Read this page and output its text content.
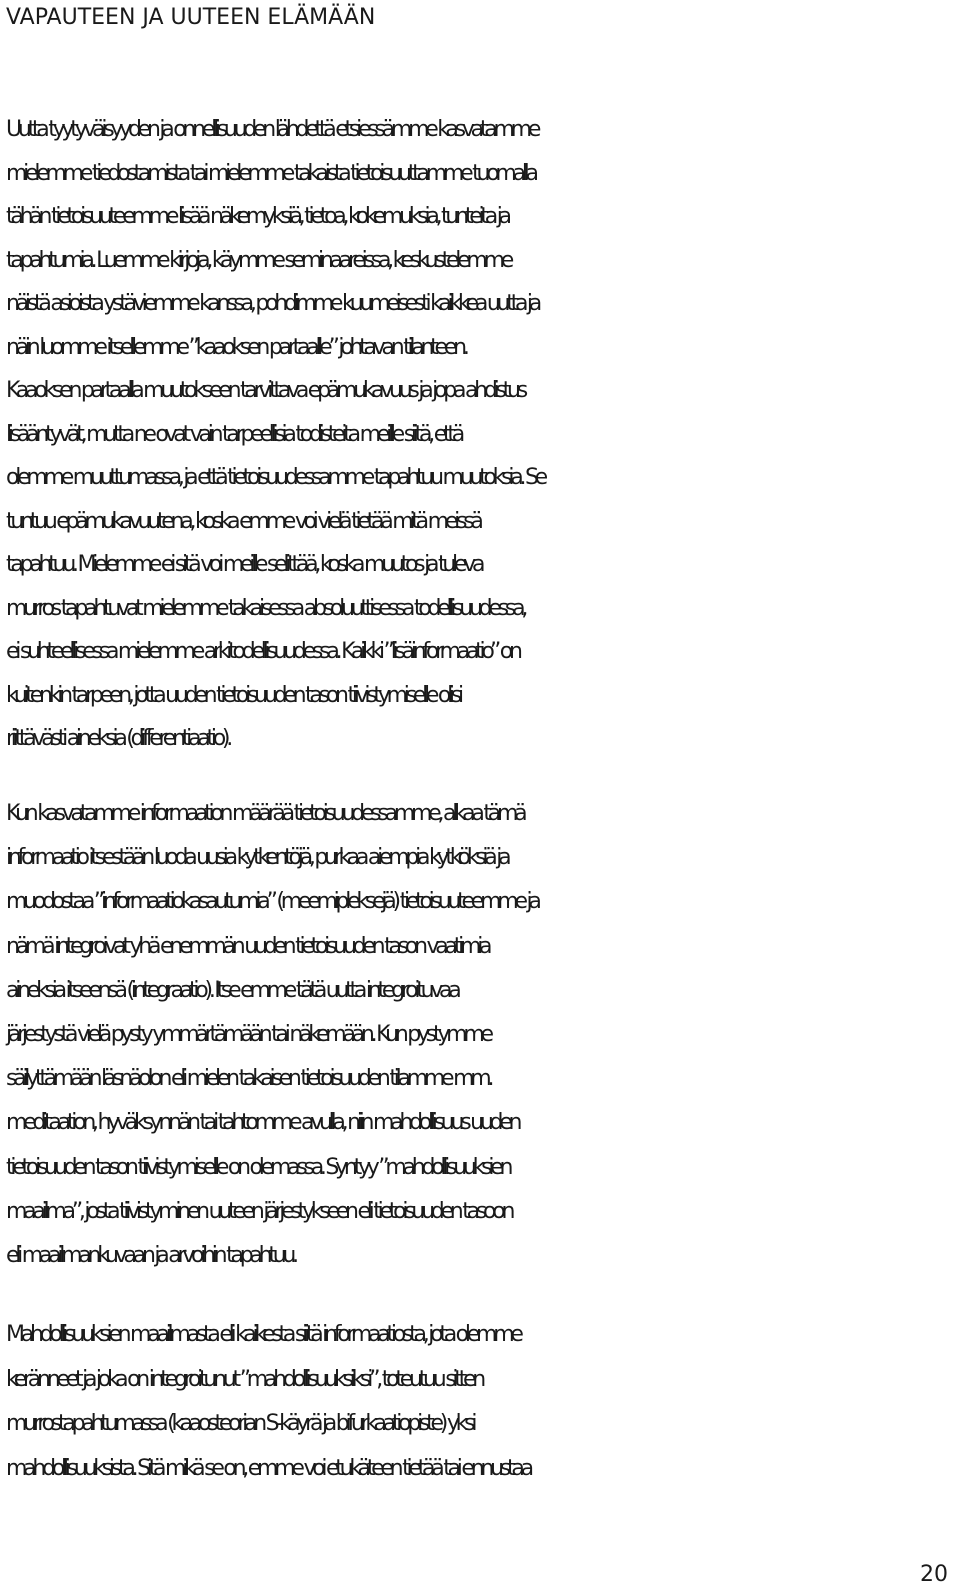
VAPAUTEEN JA UUTEEN ELÄMÄÄN
Uutta tyytyväisyyden ja onnellisuuden lähdettä etsiessämme kasvatamme
mielemme tiedostamista tai mielemme takaista tietoisuuttamme tuomalla
tähän tietoisuuteemme lisää näkemyksiä, tietoa, kokemuksia, tunteita ja
tapahtumia. Luemme kirjoja, käymme seminaareissa, keskustelemme
näistä asioista ystäviemme kanssa, pohdimme kuumeisesti kaikkea uutta ja
näin luomme itsellemme ”kaaoksen partaalle” johtavan tilanteen.
Kaaoksen partaalla muutokseen tarvittava epämukavuus ja jopa ahdistus
lisääntyvät, mutta ne ovat vain tarpeellisia todisteita meille siitä, että
olemme muuttumassa, ja että tietoisuudessamme tapahtuu muutoksia. Se
tuntuu epämukavuutena, koska emme voi vielä tietää mitä meissä
tapahtuu. Mielemme ei sitä voi meille selittää, koska muutos ja tuleva
murros tapahtuvat mielemme takaisessa absoluuttisessa todellisuudessa,
ei suhteellisessa mielemme arkitodellisuudessa. Kaikki ”lisäinformaatio” on
kuitenkin tarpeen, jotta uuden tietoisuuden tason tiivistymiselle olisi
riittävästi aineksia (differentiaatio).
Kun kasvatamme informaation määrää tietoisuudessamme, alkaa tämä
informaatio itsestään luoda uusia kytkentöjä, purkaa aiempia kytköksiä ja
muodostaa ”informaatiokasautumia” (meemipleksejä) tietoisuuteemme ja
nämä integroivat yhä enemmän uuden tietoisuuden tason vaatimia
aineksia itseensä (integraatio). Itse emme tätä uutta integroituvaa
järjestystä vielä pysty ymmärtämään tai näkemään. Kun pystymme
säilyttämään läsnäolon eli mielen takaisen tietoisuuden tilamme mm.
meditaation, hyväksynnän tai tahtomme avulla, niin mahdollisuus uuden
tietoisuuden tason tiivistymiselle on olemassa. Syntyy ”mahdollisuuksien
maailma”, josta tiivistyminen uuteen järjestykseen eli tietoisuuden tasoon
eli maailmankuvaan ja arvoihin tapahtuu.
Mahdollisuuksien maailmasta eli kaikesta siitä informaatiosta, jota olemme
keränneet ja joka on integroitunut ”mahdollisuuksiksi”, toteutuu sitten
murrostapahtumassa (kaaosteorian S-käyrä ja bifurkaatiopiste) yksi
mahdollisuuksista. Sitä mikä se on, emme voi etukäteen tietää tai ennustaa
20
